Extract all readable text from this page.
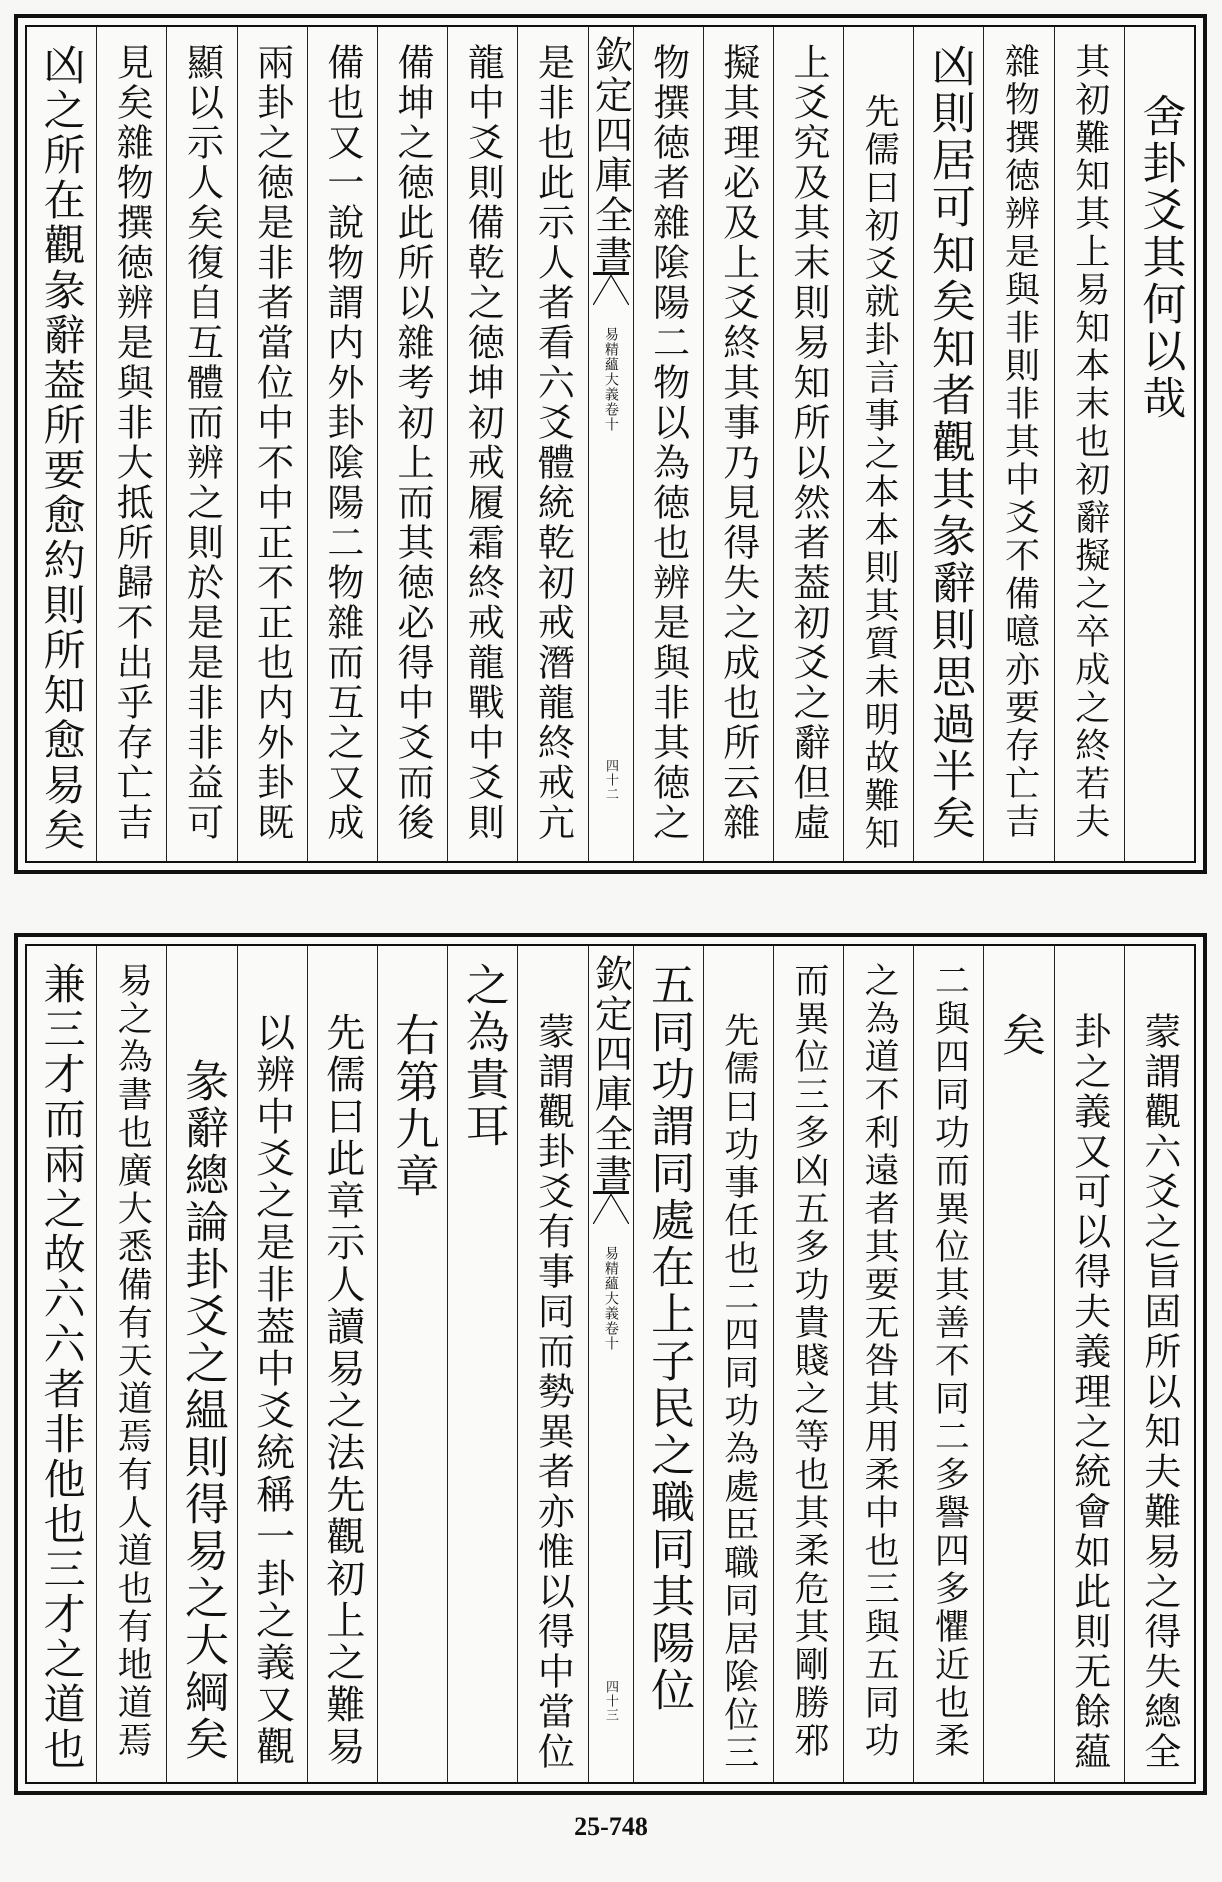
舍卦爻其何以哉
其初難知其上易知本末也初辭擬之卒成之終若夫
雜物撰徳辨是與非則非其中爻不備噫亦要存亡吉
凶則居可知矣知者觀其彖辭則思過半矣
先儒曰初爻就卦言事之本本則其質未明故難知
上爻究及其末則易知所以然者葢初爻之辭但虛
擬其理必及上爻終其事乃見得失之成也所云雜
物撰徳者雜隂陽二物以為徳也辨是與非其徳之
欽定四庫全書
易精蘊大義卷十
四十二
是非也此示人者看六爻體統乾初戒潛龍終戒亢
龍中爻則備乾之徳坤初戒履霜終戒龍戰中爻則
備坤之徳此所以雜考初上而其徳必得中爻而後
備也又一說物謂内外卦隂陽二物雜而互之又成
兩卦之徳是非者當位中不中正不正也内外卦既
顯以示人矣復自互體而辨之則於是是非非益可
見矣雜物撰徳辨是與非大抵所歸不出乎存亡吉
凶之所在觀彖辭葢所要愈約則所知愈易矣
蒙謂觀六爻之旨固所以知夫難易之得失總全
卦之義又可以得夫義理之統會如此則无餘藴
矣
二與四同功而異位其善不同二多譽四多懼近也柔
之為道不利遠者其要无咎其用柔中也三與五同功
而異位三多凶五多功貴賤之等也其柔危其剛勝邪
先儒曰功事任也二四同功為處臣職同居隂位三
五同功謂同處在上子民之職同其陽位
欽定四庫全書
易精蘊大義卷十
四十三
蒙謂觀卦爻有事同而勢異者亦惟以得中當位
之為貴耳
右第九章
先儒曰此章示人讀易之法先觀初上之難易
以辨中爻之是非葢中爻統稱一卦之義又觀
彖辭總論卦爻之緼則得易之大綱矣
易之為書也廣大悉備有天道焉有人道也有地道焉
兼三才而兩之故六六者非他也三才之道也
25-748
